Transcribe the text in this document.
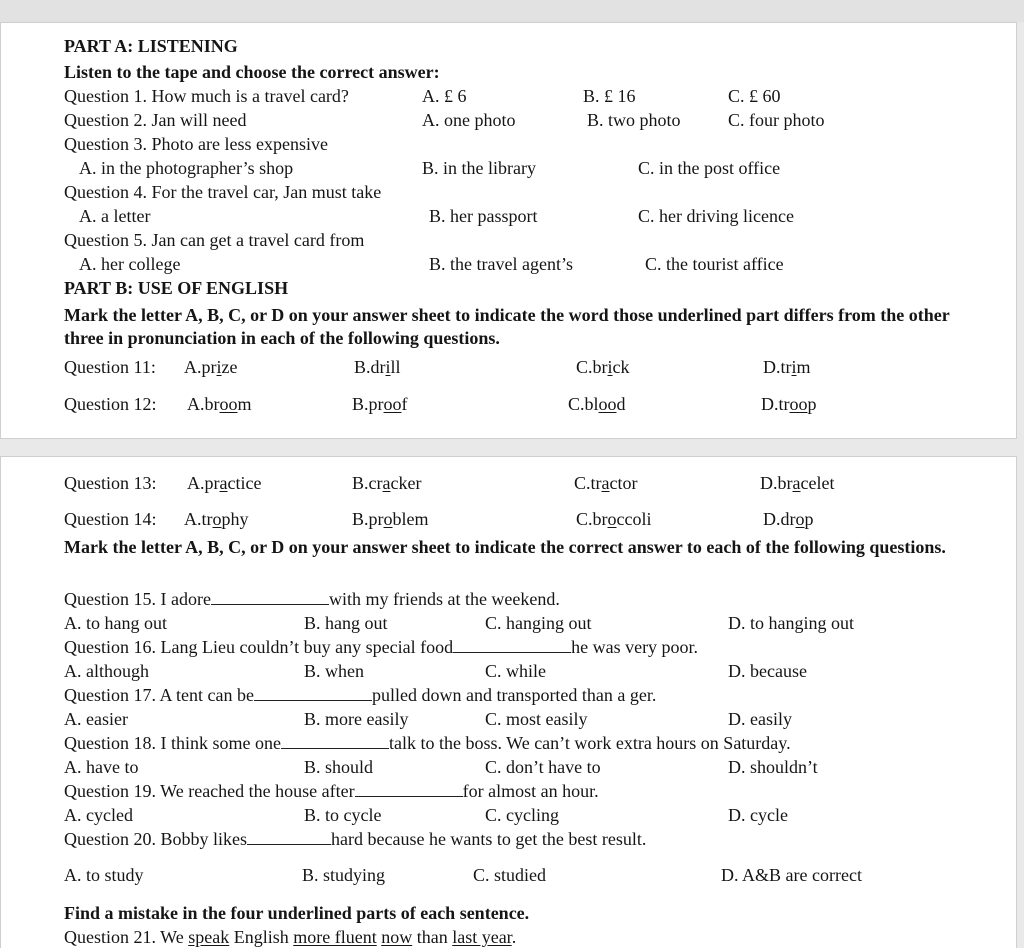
PART A: LISTENING
Listen to the tape and choose the correct answer:
Question 1. How much is a travel card?	A. £ 6	B. £ 16	C. £ 60
Question 2. Jan will need	A. one photo	B. two photo	C. four photo
Question 3. Photo are less expensive
A. in the photographer’s shop	B. in the library	C. in the post office
Question 4. For the travel car, Jan must take
A. a letter	B. her passport	C. her driving licence
Question 5. Jan can get a travel card from
A. her college	B. the travel agent’s	C. the tourist affice
PART B: USE OF ENGLISH
Mark the letter A, B, C, or D on your answer sheet to indicate the word those underlined part differs from the other three in pronunciation in each of the following questions.
Question 11: A.prize	B.drill	C.brick	D.trim
Question 12: A.broom	B.proof	C.blood	D.troop
Question 13: A.practice	B.cracker	C.tractor	D.bracelet
Question 14: A.trophy	B.problem	C.broccoli	D.drop
Mark the letter A, B, C, or D on your answer sheet to indicate the correct answer to each of the following questions.
Question 15. I adore	with my friends at the weekend.
A. to hang out	B. hang out	C. hanging out	D. to hanging out
Question 16. Lang Lieu couldn’t buy any special food	he was very poor.
A. although	B. when	C. while	D. because
Question 17. A tent can be	pulled down and transported than a ger.
A. easier	B. more easily	C. most easily	D. easily
Question 18. I think some one	talk to the boss. We can’t work extra hours on Saturday.
A. have to	B. should	C. don’t have to	D. shouldn’t
Question 19. We reached the house after	for almost an hour.
A. cycled	B. to cycle	C. cycling	D. cycle
Question 20. Bobby likes	hard because he wants to get the best result.
A. to study	B. studying	C. studied	D. A&B are correct
Find a mistake in the four underlined parts of each sentence.
Question 21. We speak English more fluent now than last year.
